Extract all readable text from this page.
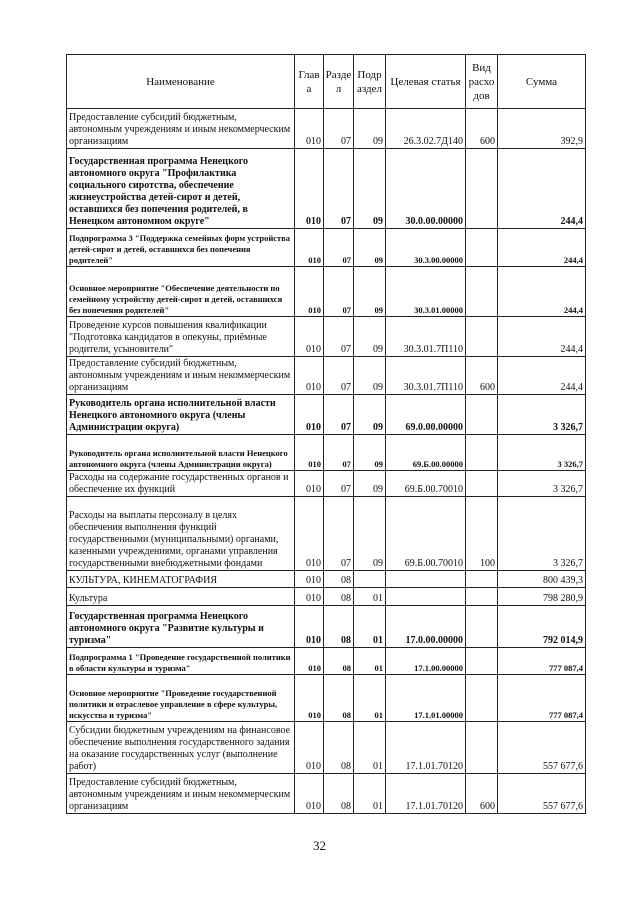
Наименование	Глав а	Разде л	Подр аздел	Целевая статья	Вид расхо дов	Сумма
Предоставление субсидий бюджетным, автономным учреждениям и иным некоммерческим организациям	010	07	09	26.3.02.7Д140	600	392,9
Государственная программа Ненецкого автономного округа "Профилактика социального сиротства, обеспечение жизнеустройства детей-сирот и детей, оставшихся без попечения родителей, в Ненецком автономном округе"	010	07	09	30.0.00.00000		244,4
Подпрограмма 3 "Поддержка семейных форм устройства детей-сирот и детей, оставшихся без попечения родителей"	010	07	09	30.3.00.00000		244,4
Основное мероприятие "Обеспечение деятельности по семейному устройству детей-сирот и детей, оставшихся без попечения родителей"	010	07	09	30.3.01.00000		244,4
Проведение курсов повышения квалификации "Подготовка кандидатов в опекуны, приёмные родители, усыновители"	010	07	09	30.3.01.7П110		244,4
Предоставление субсидий бюджетным, автономным учреждениям и иным некоммерческим организациям	010	07	09	30.3.01.7П110	600	244,4
Руководитель органа исполнительной власти Ненецкого автономного округа (члены Администрации округа)	010	07	09	69.0.00.00000		3 326,7
Руководитель органа исполнительной власти Ненецкого автономного округа (члены Администрации округа)	010	07	09	69.Б.00.00000		3 326,7
Расходы на содержание государственных органов и обеспечение их функций	010	07	09	69.Б.00.70010		3 326,7
Расходы на выплаты персоналу в целях обеспечения выполнения функций государственными (муниципальными) органами, казенными учреждениями, органами управления государственными внебюджетными фондами	010	07	09	69.Б.00.70010	100	3 326,7
КУЛЬТУРА, КИНЕМАТОГРАФИЯ	010	08				800 439,3
Культура	010	08	01			798 280,9
Государственная программа Ненецкого автономного округа "Развитие культуры и туризма"	010	08	01	17.0.00.00000		792 014,9
Подпрограмма 1 "Проведение государственной политики в области культуры и туризма"	010	08	01	17.1.00.00000		777 087,4
Основное мероприятие "Проведение государственной политики и отраслевое управление в сфере культуры, искусства и туризма"	010	08	01	17.1.01.00000		777 087,4
Субсидии бюджетным учреждениям на финансовое обеспечение выполнения государственного задания на оказание государственных услуг (выполнение работ)	010	08	01	17.1.01.70120		557 677,6
Предоставление субсидий бюджетным, автономным учреждениям и иным некоммерческим организациям	010	08	01	17.1.01.70120	600	557 677,6
32
